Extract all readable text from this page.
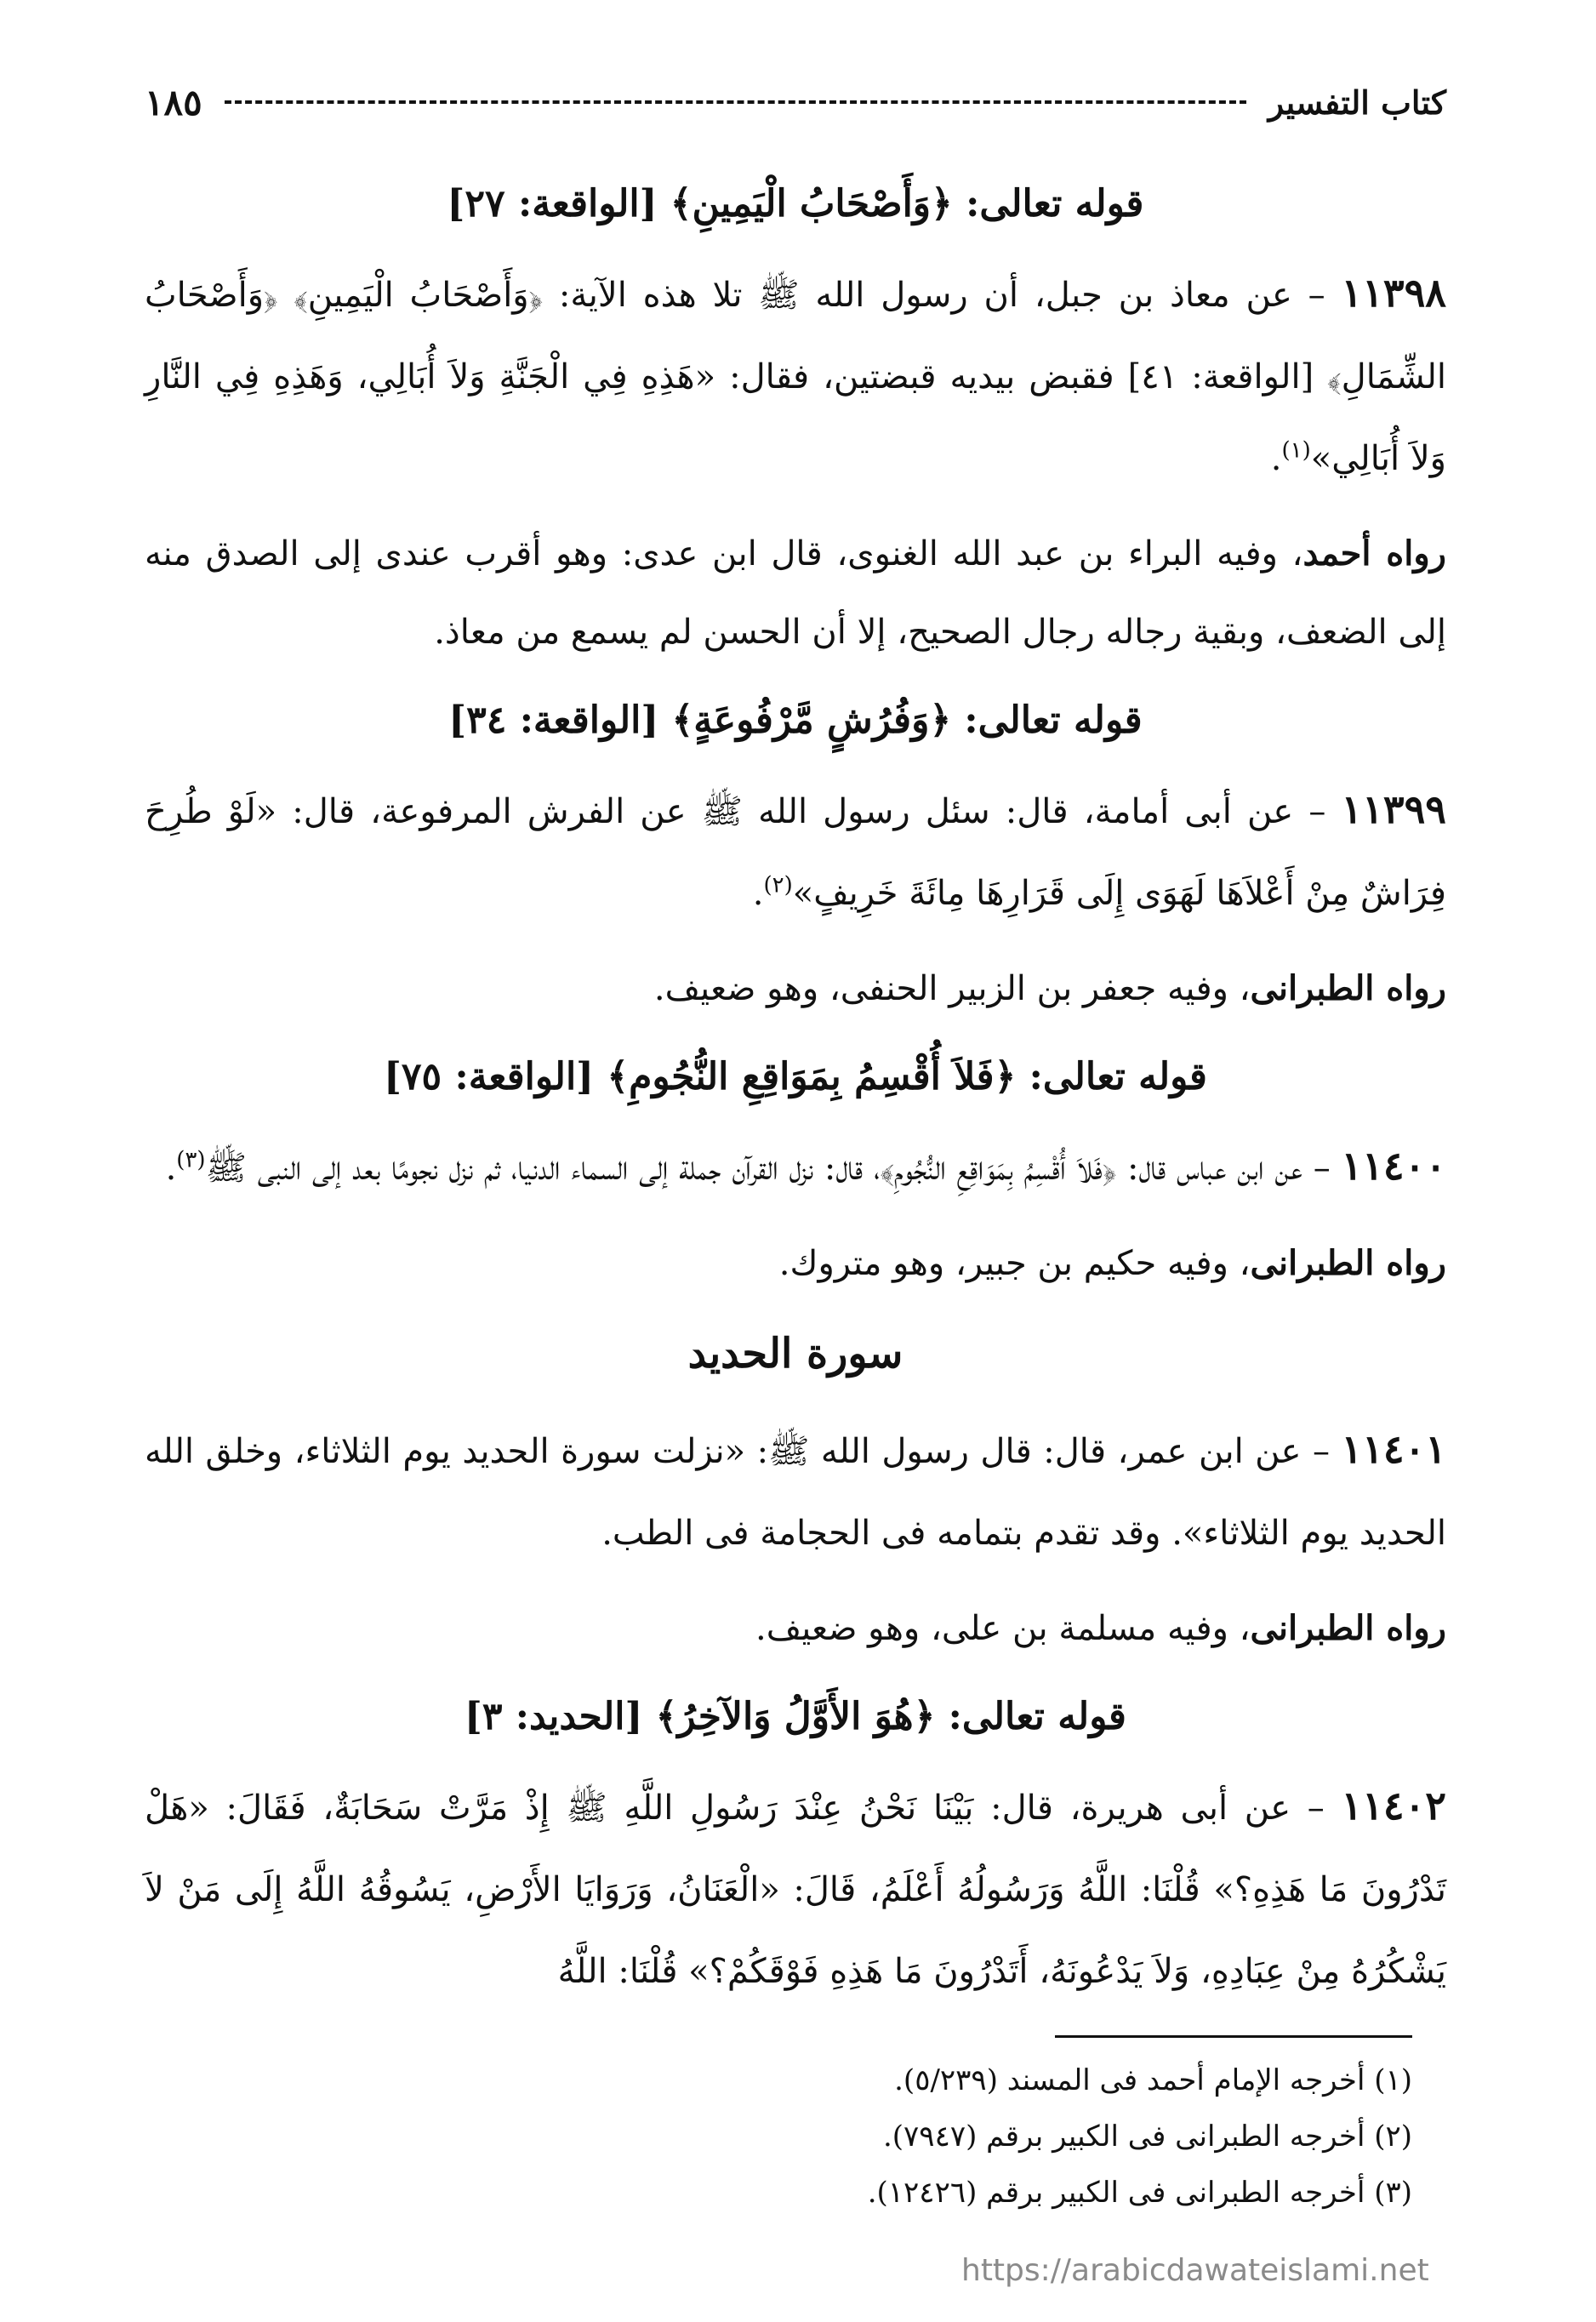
كتاب التفسير
١٨٥
قوله تعالى: ﴿وَأَصْحَابُ الْيَمِينِ﴾ [الواقعة: ٢٧]

١١٣٩٨ – عن معاذ بن جبل، أن رسول الله ﷺ تلا هذه الآية: ﴿وَأَصْحَابُ الْيَمِينِ﴾ ﴿وَأَصْحَابُ الشِّمَالِ﴾ [الواقعة: ٤١] فقبض بيديه قبضتين، فقال: «هَذِهِ فِي الْجَنَّةِ وَلاَ أُبَالِي، وَهَذِهِ فِي النَّارِ وَلاَ أُبَالِي»$^{(١)}$.

رواه أحمد، وفيه البراء بن عبد الله الغنوى، قال ابن عدى: وهو أقرب عندى إلى الصدق منه إلى الضعف، وبقية رجاله رجال الصحيح، إلا أن الحسن لم يسمع من معاذ.

قوله تعالى: ﴿وَفُرُشٍ مَّرْفُوعَةٍ﴾ [الواقعة: ٣٤]

١١٣٩٩ – عن أبى أمامة، قال: سئل رسول الله ﷺ عن الفرش المرفوعة، قال: «لَوْ طُرِحَ فِرَاشٌ مِنْ أَعْلاَهَا لَهَوَى إِلَى قَرَارِهَا مِائَةَ خَرِيفٍ»$^{(٢)}$.

رواه الطبرانى، وفيه جعفر بن الزبير الحنفى، وهو ضعيف.

قوله تعالى: ﴿فَلاَ أُقْسِمُ بِمَوَاقِعِ النُّجُومِ﴾ [الواقعة: ٧٥]

١١٤٠٠ – عن ابن عباس قال: ﴿فَلاَ أُقْسِمُ بِمَوَاقِعِ النُّجُومِ﴾، قال: نزل القرآن جملة إلى السماء الدنيا، ثم نزل نجومًا بعد إلى النبى ﷺ$^{(٣)}$.

رواه الطبرانى، وفيه حكيم بن جبير، وهو متروك.

سورة الحديد

١١٤٠١ – عن ابن عمر، قال: قال رسول الله ﷺ: «نزلت سورة الحديد يوم الثلاثاء، وخلق الله الحديد يوم الثلاثاء». وقد تقدم بتمامه فى الحجامة فى الطب.

رواه الطبرانى، وفيه مسلمة بن على، وهو ضعيف.

قوله تعالى: ﴿هُوَ الأَوَّلُ وَالآخِرُ﴾ [الحديد: ٣]

١١٤٠٢ – عن أبى هريرة، قال: بَيْنَا نَحْنُ عِنْدَ رَسُولِ اللَّهِ ﷺ إِذْ مَرَّتْ سَحَابَةٌ، فَقَالَ: «هَلْ تَدْرُونَ مَا هَذِهِ؟» قُلْنَا: اللَّهُ وَرَسُولُهُ أَعْلَمُ، قَالَ: «الْعَنَانُ، وَرَوَايَا الأَرْضِ، يَسُوقُهُ اللَّهُ إِلَى مَنْ لاَ يَشْكُرُهُ مِنْ عِبَادِهِ، وَلاَ يَدْعُونَهُ، أَتَدْرُونَ مَا هَذِهِ فَوْقَكُمْ؟» قُلْنَا: اللَّهُ

(١) أخرجه الإمام أحمد فى المسند (٥/٢٣٩).
(٢) أخرجه الطبرانى فى الكبير برقم (٧٩٤٧).
(٣) أخرجه الطبرانى فى الكبير برقم (١٢٤٢٦).
https://arabicdawateislami.net
